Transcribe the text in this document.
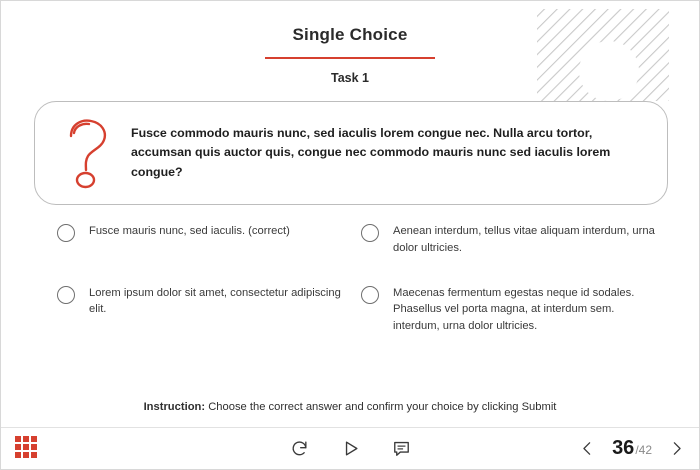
Single Choice
Task 1
Fusce commodo mauris nunc, sed iaculis lorem congue nec. Nulla arcu tortor, accumsan quis auctor quis, congue nec commodo mauris nunc sed iaculis lorem congue?
Fusce mauris nunc, sed iaculis. (correct)	Aenean interdum, tellus vitae aliquam interdum, urna dolor ultricies.
Lorem ipsum dolor sit amet, consectetur adipiscing elit.
Maecenas fermentum egestas neque id sodales. Phasellus vel porta magna, at interdum sem. interdum, urna dolor ultricies.
Instruction: Choose the correct answer and confirm your choice by clicking Submit
36/42
